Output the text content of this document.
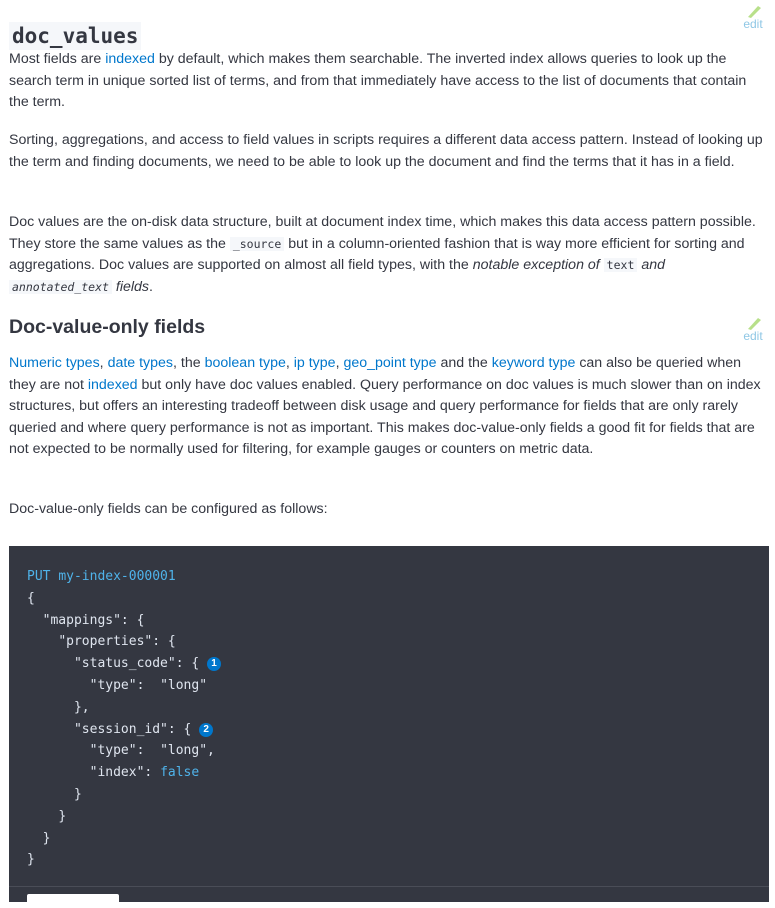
doc_values
edit

Most fields are indexed by default, which makes them searchable. The inverted index allows queries to look up the search term in unique sorted list of terms, and from that immediately have access to the list of documents that contain the term.

Sorting, aggregations, and access to field values in scripts requires a different data access pattern. Instead of looking up the term and finding documents, we need to be able to look up the document and find the terms that it has in a field.

Doc values are the on-disk data structure, built at document index time, which makes this data access pattern possible. They store the same values as the _source but in a column-oriented fashion that is way more efficient for sorting and aggregations. Doc values are supported on almost all field types, with the notable exception of text and annotated_text fields.

Doc-value-only fields	edit

Numeric types, date types, the boolean type, ip type, geo_point type and the keyword type can also be queried when they are not indexed but only have doc values enabled. Query performance on doc values is much slower than on index structures, but offers an interesting tradeoff between disk usage and query performance for fields that are only rarely queried and where query performance is not as important. This makes doc-value-only fields a good fit for fields that are not expected to be normally used for filtering, for example gauges or counters on metric data.

Doc-value-only fields can be configured as follows:

PUT my-index-000001
{
"mappings": {
"properties": {
"status_code": { 1
"type": "long"
},
"session_id": { 2
"type": "long",
"index": false
}
}
}
}
